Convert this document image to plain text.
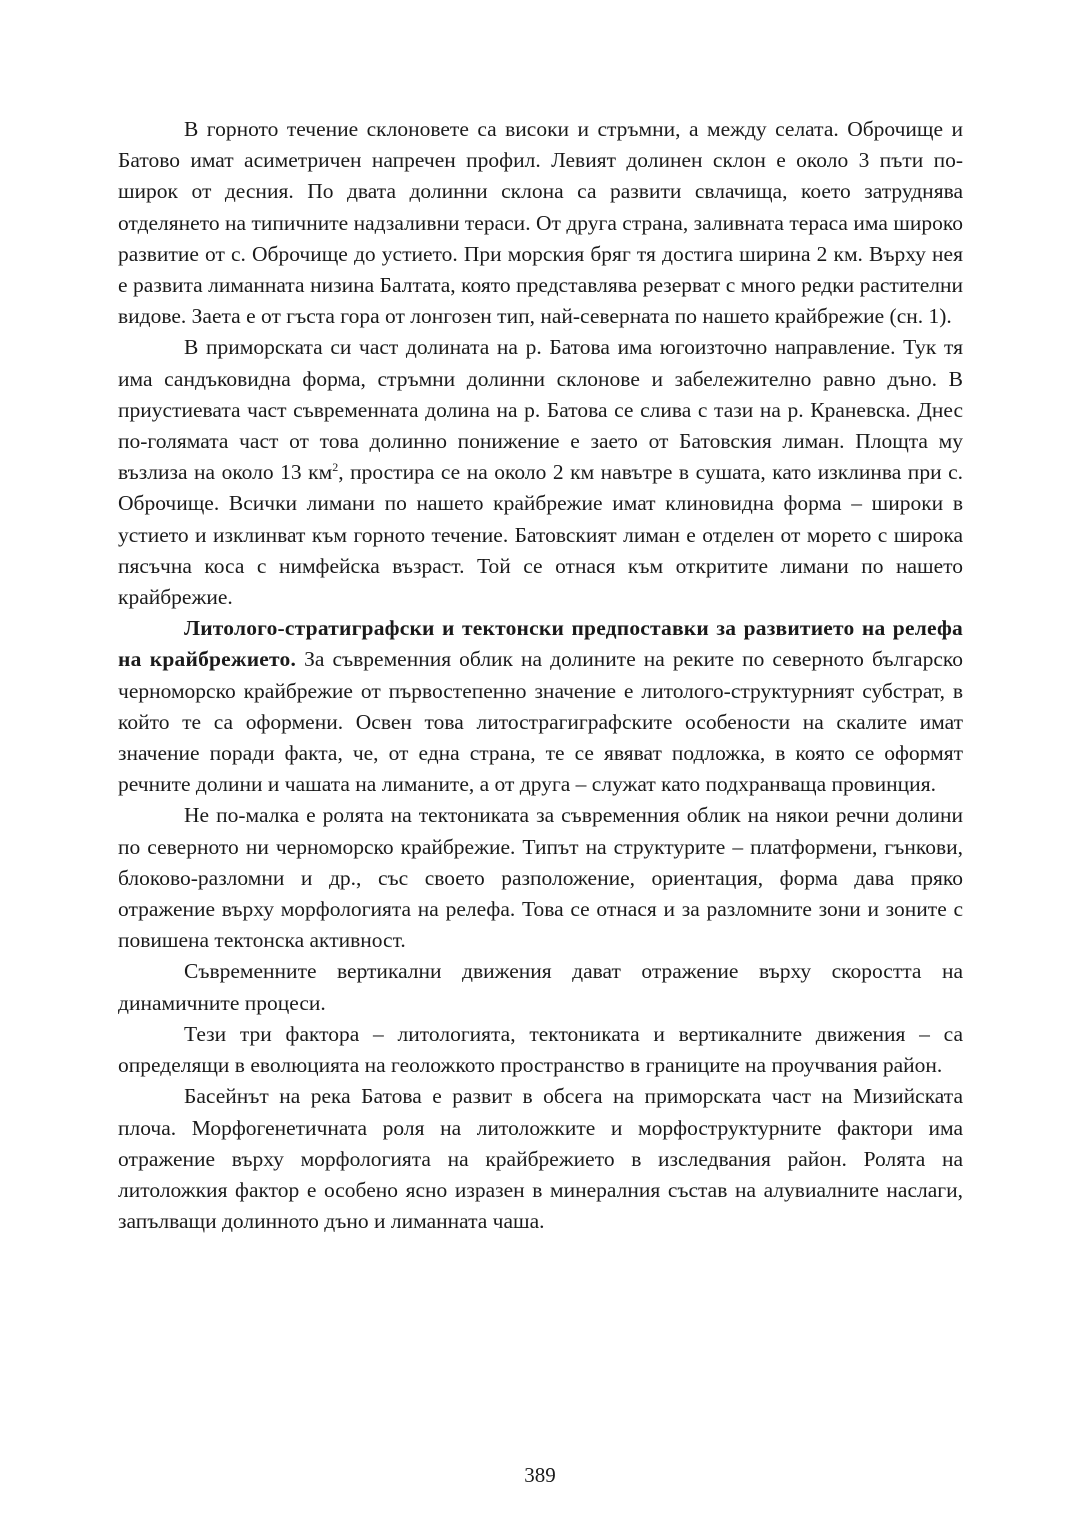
В горното течение склоновете са високи и стръмни, а между селата. Оброчище и Батово имат асиметричен напречен профил. Левият долинен склон е около 3 пъти по-широк от десния. По двата долинни склона са развити свлачища, което затруднява отделянето на типичните надзаливни тераси. От друга страна, заливната тераса има широко развитие от с. Оброчище до устието. При морския бряг тя достига ширина 2 км. Върху нея е развита лиманната низина Балтата, която представлява резерват с много редки растителни видове. Заета е от гъста гора от лонгозен тип, най-северната по нашето крайбрежие (сн. 1).

В приморската си част долината на р. Батова има югоизточно направление. Тук тя има сандъковидна форма, стръмни долинни склонове и забележително равно дъно. В приустиевата част съвременната долина на р. Батова се слива с тази на р. Краневска. Днес по-голямата част от това долинно понижение е заето от Батовския лиман. Площта му възлиза на около 13 $км^2$, простира се на около 2 км навътре в сушата, като изклинва при с. Оброчище. Всички лимани по нашето крайбрежие имат клиновидна форма – широки в устието и изклинват към горното течение. Батовският лиман е отделен от морето с широка пясъчна коса с нимфейска възраст. Той се отнася към откритите лимани по нашето крайбрежие.

Литолого-стратиграфски и тектонски предпоставки за развитието на релефа на крайбрежието. За съвременния облик на долините на реките по северното българско черноморско крайбрежие от първостепенно значение е литолого-структурният субстрат, в който те са оформени. Освен това литострагиграфските особености на скалите имат значение поради факта, че, от една страна, те се явяват подложка, в която се оформят речните долини и чашата на лиманите, а от друга – служат като подхранваща провинция.

Не по-малка е ролята на тектониката за съвременния облик на някои речни долини по северното ни черноморско крайбрежие. Типът на структурите – платформени, гънкови, блоково-разломни и др., със своето разположение, ориентация, форма дава пряко отражение върху морфологията на релефа. Това се отнася и за разломните зони и зоните с повишена тектонска активност.

Съвременните вертикални движения дават отражение върху скоростта на динамичните процеси.

Тези три фактора – литологията, тектониката и вертикалните движения – са определящи в еволюцията на геоложкото пространство в границите на проучвания район.

Басейнът на река Батова е развит в обсега на приморската част на Мизийската плоча. Морфогенетичната роля на литоложките и морфоструктурните фактори има отражение върху морфологията на крайбрежието в изследвания район. Ролята на литоложкия фактор е особено ясно изразен в минералния състав на алувиалните наслаги, запълващи долинното дъно и лиманната чаша.

389
